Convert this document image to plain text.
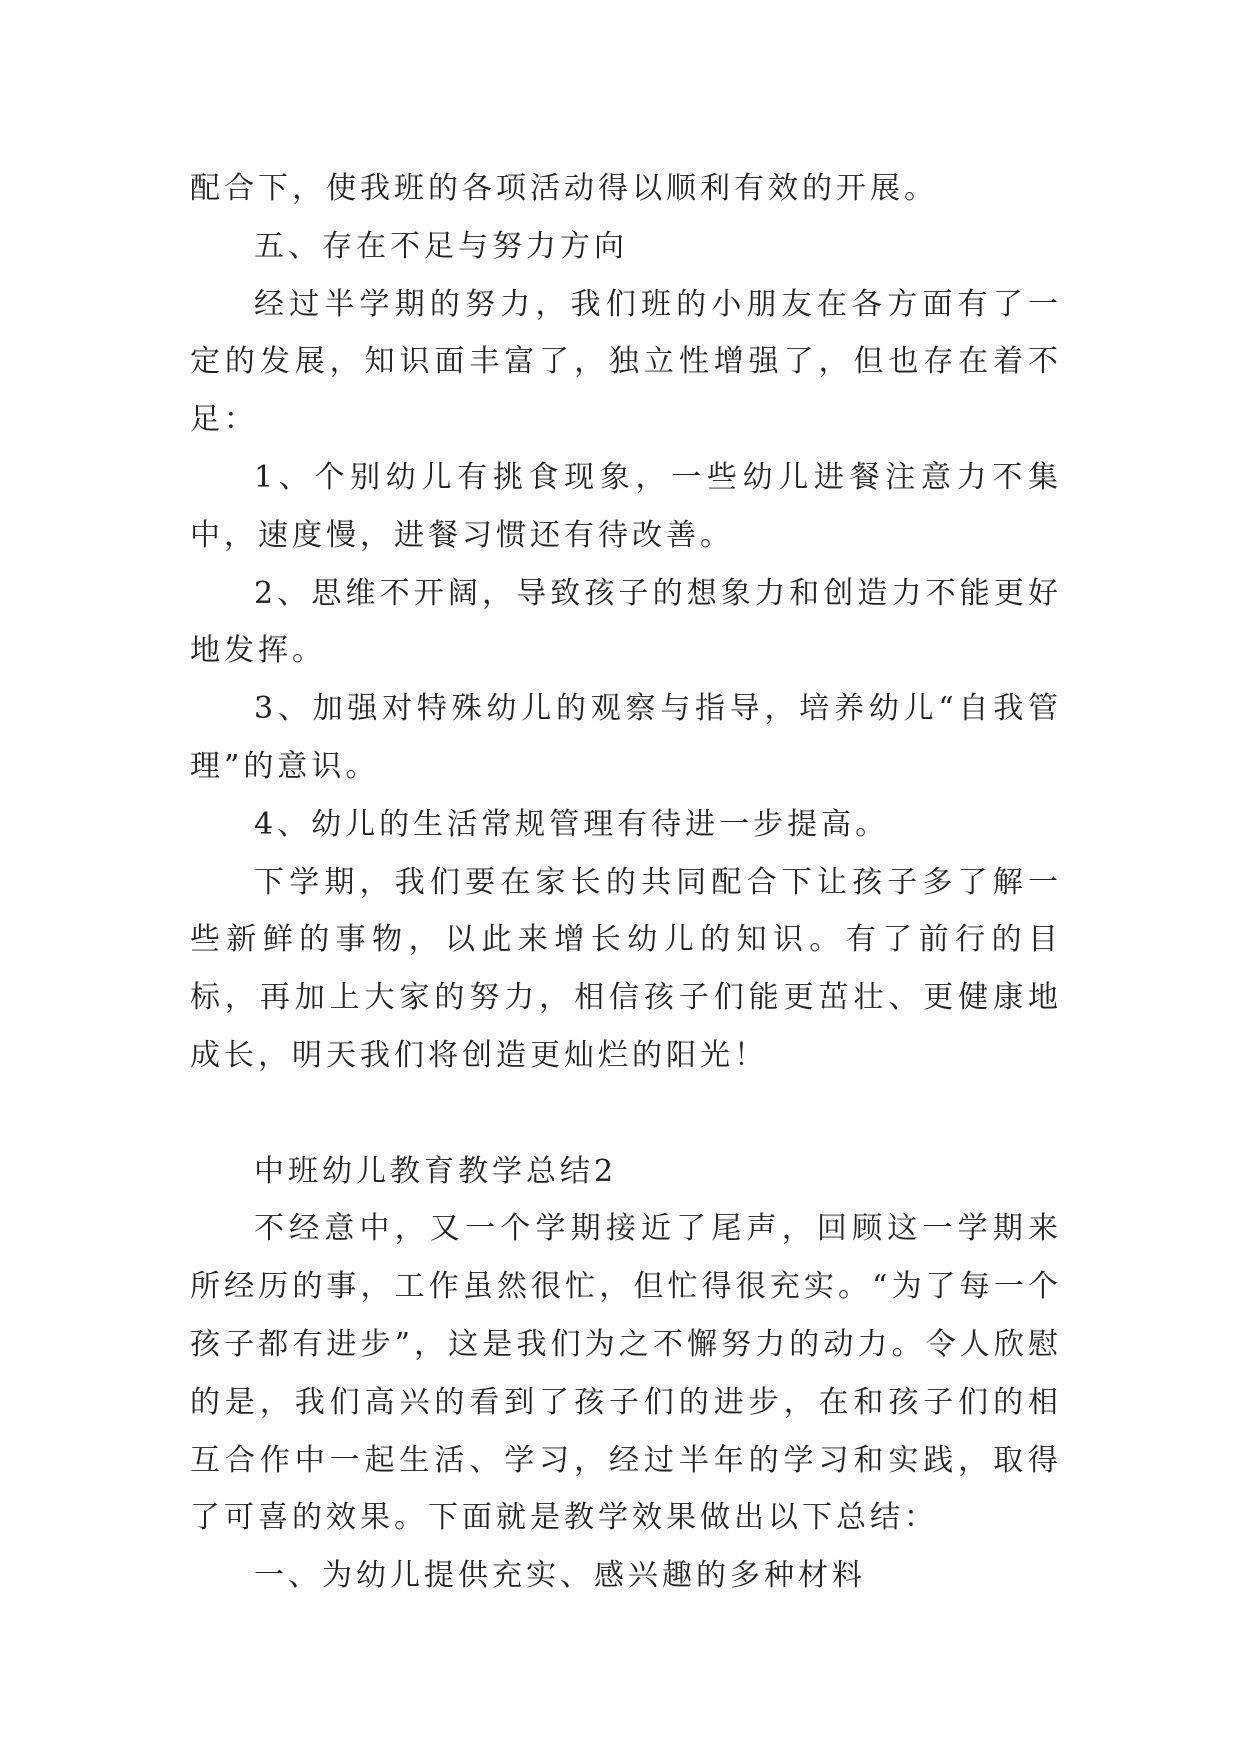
配合下，使我班的各项活动得以顺利有效的开展。

五、存在不足与努力方向

经过半学期的努力，我们班的小朋友在各方面有了一定的发展，知识面丰富了，独立性增强了，但也存在着不足：

1、个别幼儿有挑食现象，一些幼儿进餐注意力不集中，速度慢，进餐习惯还有待改善。

2、思维不开阔，导致孩子的想象力和创造力不能更好地发挥。

3、加强对特殊幼儿的观察与指导，培养幼儿“自我管理”的意识。

4、幼儿的生活常规管理有待进一步提高。

下学期，我们要在家长的共同配合下让孩子多了解一些新鲜的事物，以此来增长幼儿的知识。有了前行的目标，再加上大家的努力，相信孩子们能更茁壮、更健康地成长，明天我们将创造更灿烂的阳光！

中班幼儿教育教学总结2

不经意中，又一个学期接近了尾声，回顾这一学期来所经历的事，工作虽然很忙，但忙得很充实。“为了每一个孩子都有进步”，这是我们为之不懈努力的动力。令人欣慰的是，我们高兴的看到了孩子们的进步，在和孩子们的相互合作中一起生活、学习，经过半年的学习和实践，取得了可喜的效果。下面就是教学效果做出以下总结：

一、为幼儿提供充实、感兴趣的多种材料
